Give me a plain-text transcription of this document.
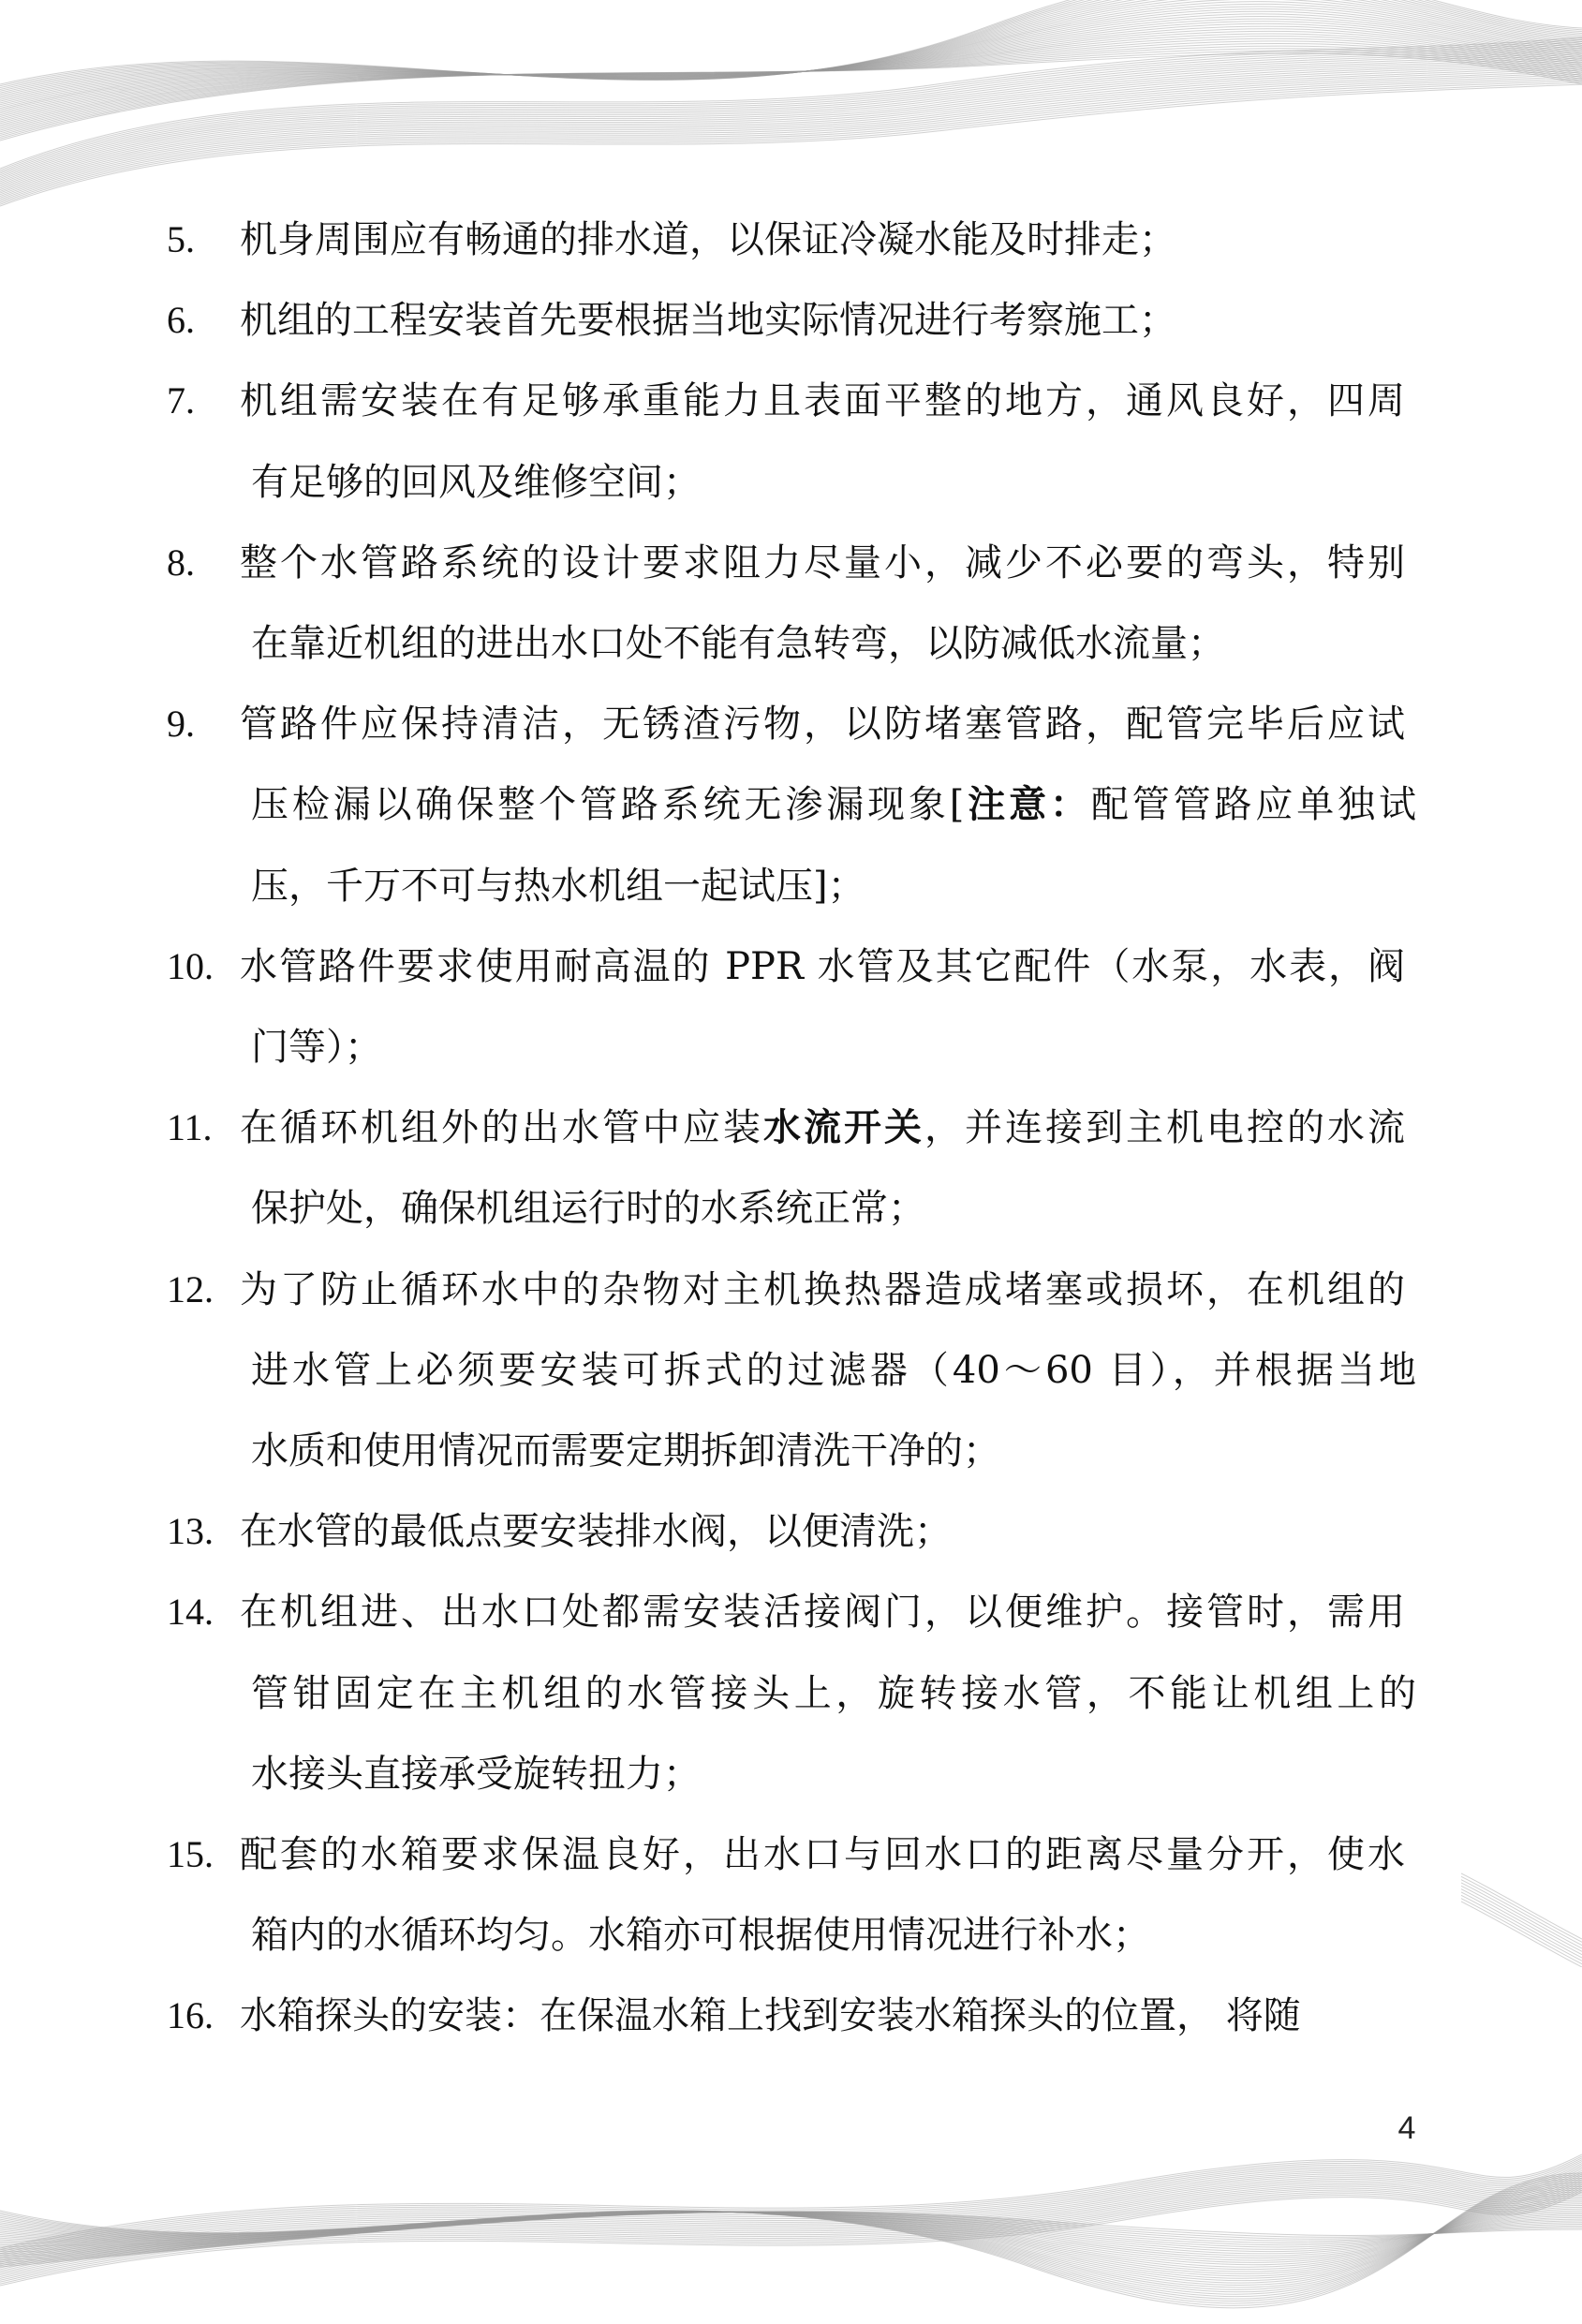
5.	机身周围应有畅通的排水道，以保证冷凝水能及时排走；
6.	机组的工程安装首先要根据当地实际情况进行考察施工；
7.	机组需安装在有足够承重能力且表面平整的地方，通风良好，四周
有足够的回风及维修空间；
8.	整个水管路系统的设计要求阻力尽量小，减少不必要的弯头，特别
在靠近机组的进出水口处不能有急转弯，以防减低水流量；
9.	管路件应保持清洁，无锈渣污物，以防堵塞管路，配管完毕后应试
压检漏以确保整个管路系统无渗漏现象[注意：配管管路应单独试
压，千万不可与热水机组一起试压]；
10. 水管路件要求使用耐高温的 PPR 水管及其它配件（水泵，水表，阀
门等）；
11. 在循环机组外的出水管中应装水流开关，并连接到主机电控的水流
保护处，确保机组运行时的水系统正常；
12. 为了防止循环水中的杂物对主机换热器造成堵塞或损坏，在机组的
进水管上必须要安装可拆式的过滤器（40～60 目），并根据当地
水质和使用情况而需要定期拆卸清洗干净的；
13. 在水管的最低点要安装排水阀，以便清洗；
14. 在机组进、出水口处都需安装活接阀门，以便维护。接管时，需用
管钳固定在主机组的水管接头上，旋转接水管，不能让机组上的
水接头直接承受旋转扭力；
15. 配套的水箱要求保温良好，出水口与回水口的距离尽量分开，使水
箱内的水循环均匀。水箱亦可根据使用情况进行补水；
16. 水箱探头的安装：在保温水箱上找到安装水箱探头的位置， 将随
4
